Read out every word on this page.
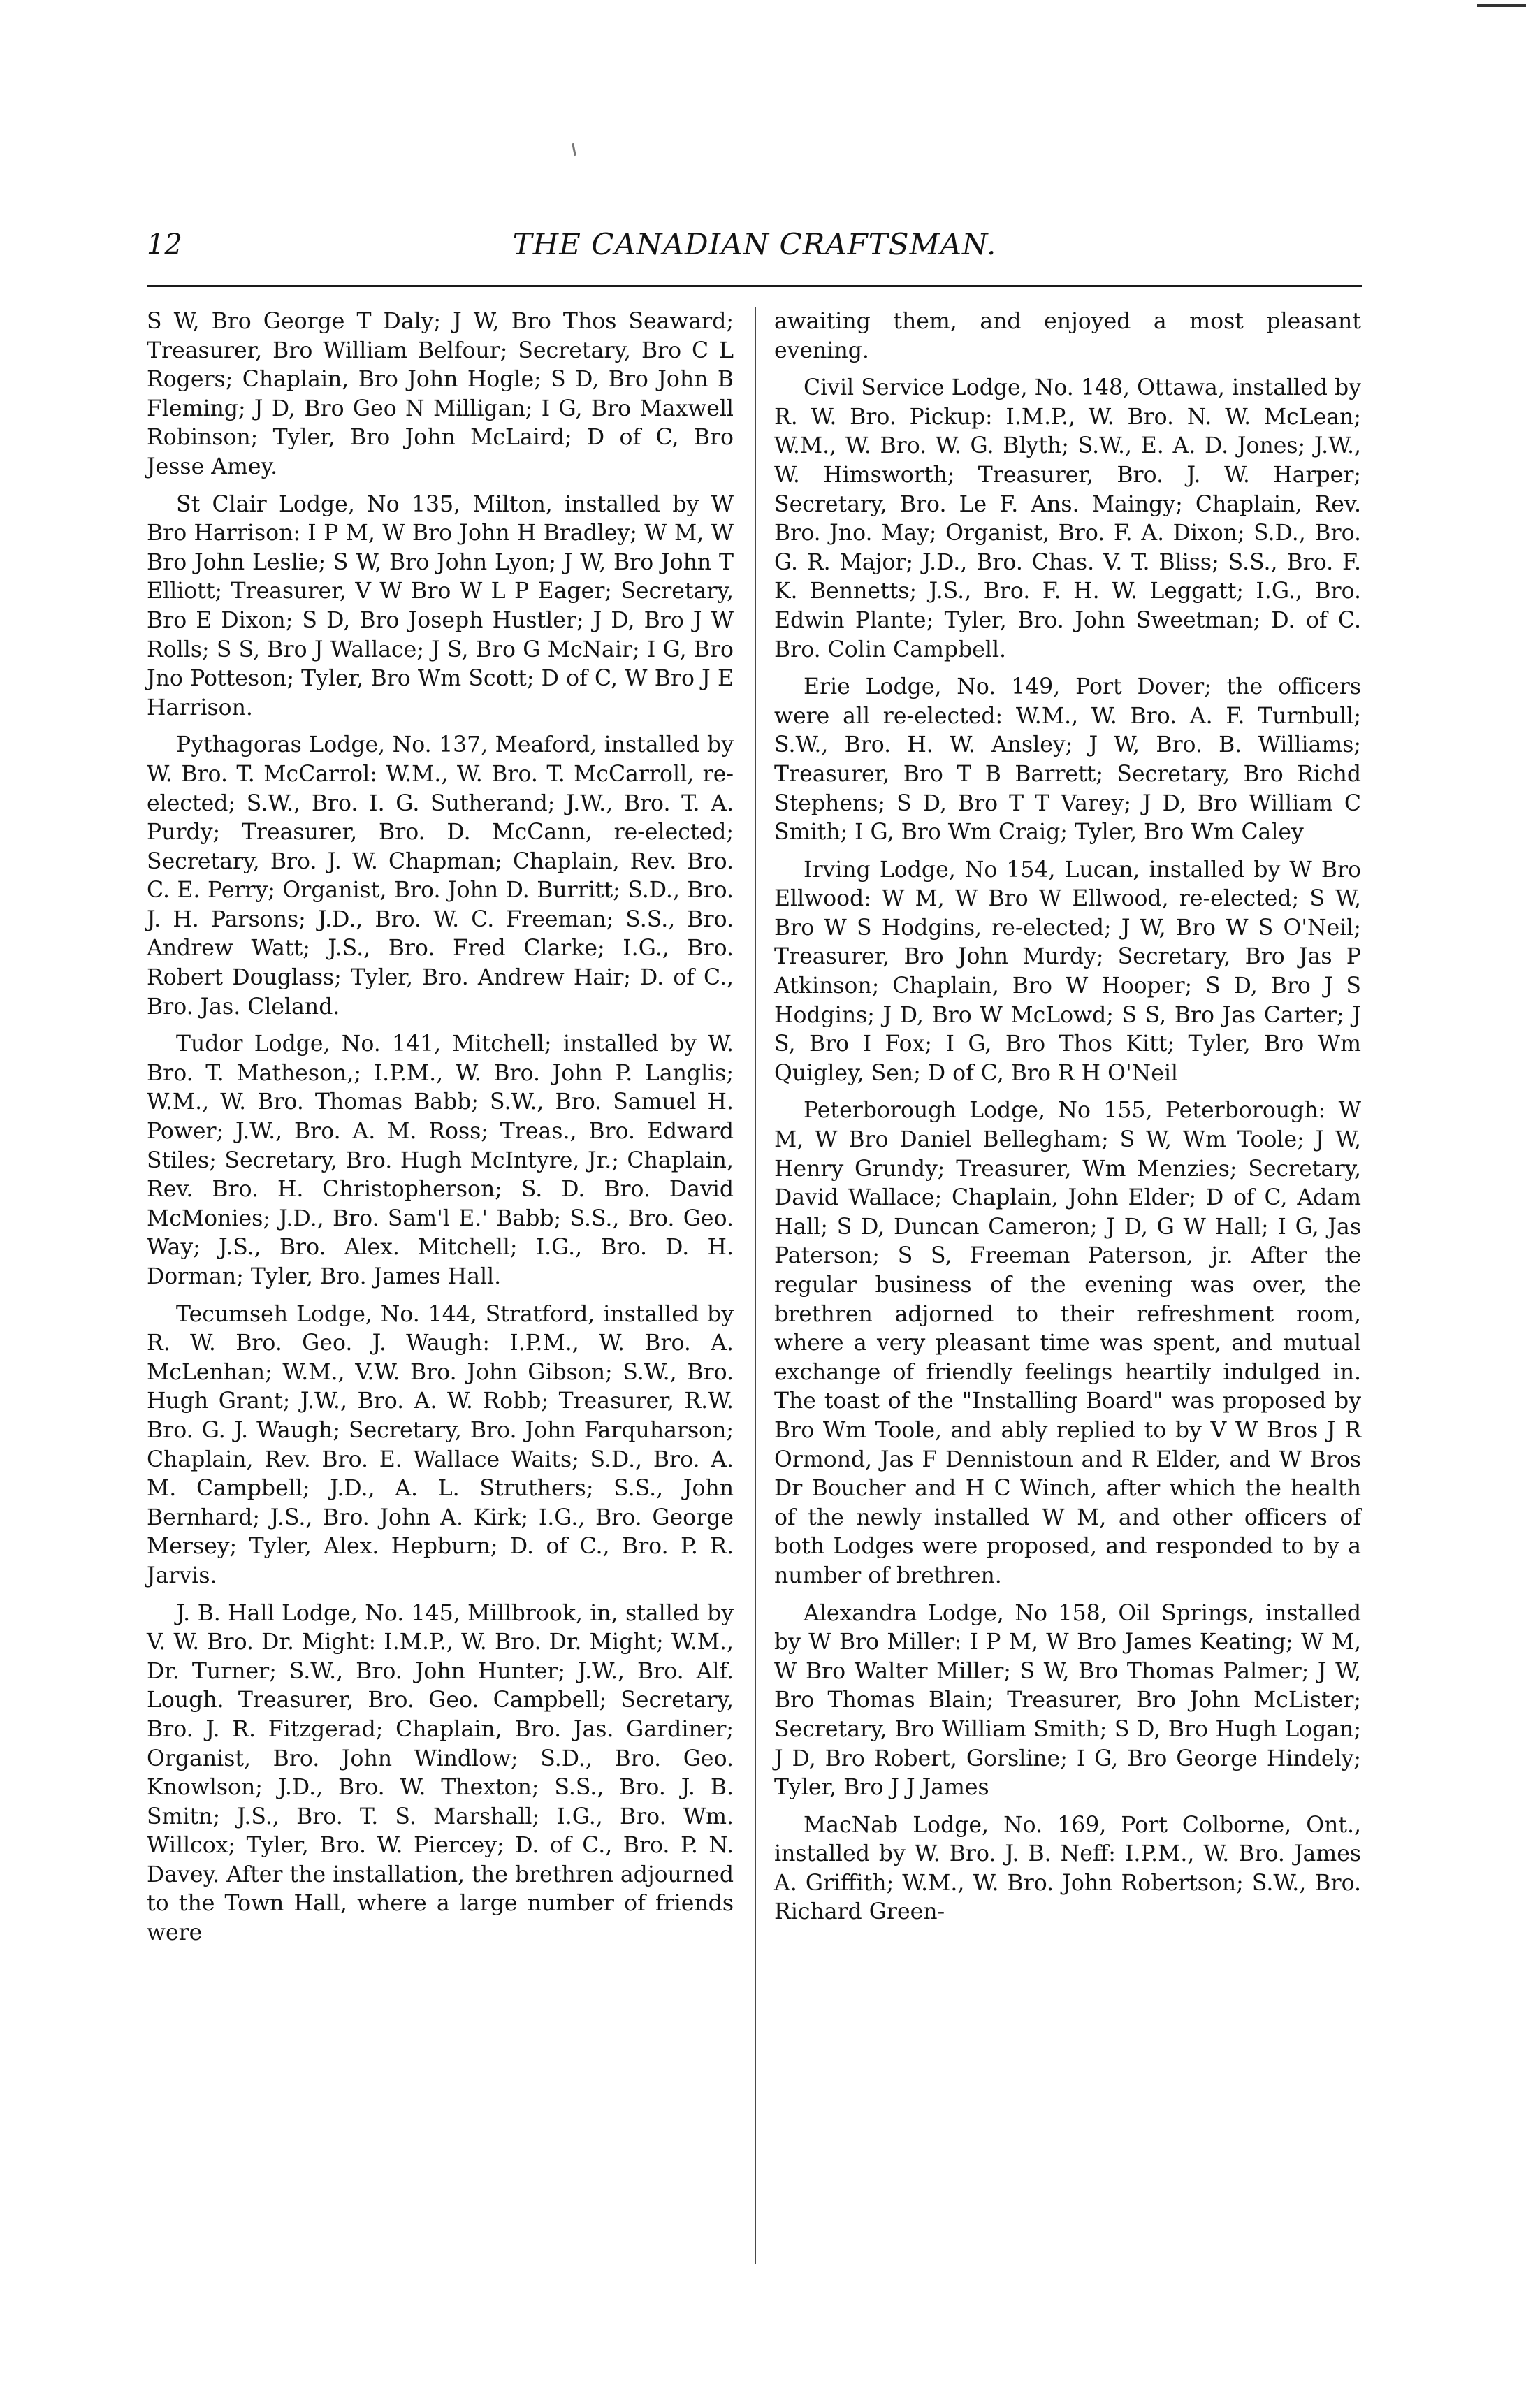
12	THE CANADIAN CRAFTSMAN.

S W, Bro George T Daly; J W, Bro Thos Seaward; Treasurer, Bro William Belfour; Secretary, Bro C L Rogers; Chaplain, Bro John Hogle; S D, Bro John B Fleming; J D, Bro Geo N Milligan; I G, Bro Maxwell Robinson; Tyler, Bro John McLaird; D of C, Bro Jesse Amey.

St Clair Lodge, No 135, Milton, installed by W Bro Harrison: I P M, W Bro John H Bradley; W M, W Bro John Leslie; S W, Bro John Lyon; J W, Bro John T Elliott; Treasurer, V W Bro W L P Eager; Secretary, Bro E Dixon; S D, Bro Joseph Hustler; J D, Bro J W Rolls; S S, Bro J Wallace; J S, Bro G McNair; I G, Bro Jno Potteson; Tyler, Bro Wm Scott; D of C, W Bro J E Harrison.

Pythagoras Lodge, No. 137, Meaford, installed by W. Bro. T. McCarrol: W.M., W. Bro. T. McCarroll, re-elected; S.W., Bro. I. G. Sutherand; J.W., Bro. T. A. Purdy; Treasurer, Bro. D. McCann, re-elected; Secretary, Bro. J. W. Chapman; Chaplain, Rev. Bro. C. E. Perry; Organist, Bro. John D. Burritt; S.D., Bro. J. H. Parsons; J.D., Bro. W. C. Freeman; S.S., Bro. Andrew Watt; J.S., Bro. Fred Clarke; I.G., Bro. Robert Douglass; Tyler, Bro. Andrew Hair; D. of C., Bro. Jas. Cleland.

Tudor Lodge, No. 141, Mitchell; installed by W. Bro. T. Matheson,; I.P.M., W. Bro. John P. Langlis; W.M., W. Bro. Thomas Babb; S.W., Bro. Samuel H. Power; J.W., Bro. A. M. Ross; Treas., Bro. Edward Stiles; Secretary, Bro. Hugh McIntyre, Jr.; Chaplain, Rev. Bro. H. Christopherson; S. D. Bro. David McMonies; J.D., Bro. Sam'l E.' Babb; S.S., Bro. Geo. Way; J.S., Bro. Alex. Mitchell; I.G., Bro. D. H. Dorman; Tyler, Bro. James Hall.

Tecumseh Lodge, No. 144, Stratford, installed by R. W. Bro. Geo. J. Waugh: I.P.M., W. Bro. A. McLenhan; W.M., V.W. Bro. John Gibson; S.W., Bro. Hugh Grant; J.W., Bro. A. W. Robb; Treasurer, R.W. Bro. G. J. Waugh; Secretary, Bro. John Farquharson; Chaplain, Rev. Bro. E. Wallace Waits; S.D., Bro. A. M. Campbell; J.D., A. L. Struthers; S.S., John Bernhard; J.S., Bro. John A. Kirk; I.G., Bro. George Mersey; Tyler, Alex. Hepburn; D. of C., Bro. P. R. Jarvis.

J. B. Hall Lodge, No. 145, Millbrook, in, stalled by V. W. Bro. Dr. Might: I.M.P., W. Bro. Dr. Might; W.M., Dr. Turner; S.W., Bro. John Hunter; J.W., Bro. Alf. Lough. Treasurer, Bro. Geo. Campbell; Secretary, Bro. J. R. Fitzgerad; Chaplain, Bro. Jas. Gardiner; Organist, Bro. John Windlow; S.D., Bro. Geo. Knowlson; J.D., Bro. W. Thexton; S.S., Bro. J. B. Smitn; J.S., Bro. T. S. Marshall; I.G., Bro. Wm. Willcox; Tyler, Bro. W. Piercey; D. of C., Bro. P. N. Davey. After the installation, the brethren adjourned to the Town Hall, where a large number of friends were

awaiting them, and enjoyed a most pleasant evening.

Civil Service Lodge, No. 148, Ottawa, installed by R. W. Bro. Pickup: I.M.P., W. Bro. N. W. McLean; W.M., W. Bro. W. G. Blyth; S.W., E. A. D. Jones; J.W., W. Himsworth; Treasurer, Bro. J. W. Harper; Secretary, Bro. Le F. Ans. Maingy; Chaplain, Rev. Bro. Jno. May; Organist, Bro. F. A. Dixon; S.D., Bro. G. R. Major; J.D., Bro. Chas. V. T. Bliss; S.S., Bro. F. K. Bennetts; J.S., Bro. F. H. W. Leggatt; I.G., Bro. Edwin Plante; Tyler, Bro. John Sweetman; D. of C. Bro. Colin Campbell.

Erie Lodge, No. 149, Port Dover; the officers were all re-elected: W.M., W. Bro. A. F. Turnbull; S.W., Bro. H. W. Ansley; J W, Bro. B. Williams; Treasurer, Bro T B Barrett; Secretary, Bro Richd Stephens; S D, Bro T T Varey; J D, Bro William C Smith; I G, Bro Wm Craig; Tyler, Bro Wm Caley

Irving Lodge, No 154, Lucan, installed by W Bro Ellwood: W M, W Bro W Ellwood, re-elected; S W, Bro W S Hodgins, re-elected; J W, Bro W S O'Neil; Treasurer, Bro John Murdy; Secretary, Bro Jas P Atkinson; Chaplain, Bro W Hooper; S D, Bro J S Hodgins; J D, Bro W McLowd; S S, Bro Jas Carter; J S, Bro I Fox; I G, Bro Thos Kitt; Tyler, Bro Wm Quigley, Sen; D of C, Bro R H O'Neil

Peterborough Lodge, No 155, Peterborough: W M, W Bro Daniel Bellegham; S W, Wm Toole; J W, Henry Grundy; Treasurer, Wm Menzies; Secretary, David Wallace; Chaplain, John Elder; D of C, Adam Hall; S D, Duncan Cameron; J D, G W Hall; I G, Jas Paterson; S S, Freeman Paterson, jr. After the regular business of the evening was over, the brethren adjorned to their refreshment room, where a very pleasant time was spent, and mutual exchange of friendly feelings heartily indulged in. The toast of the "Installing Board" was proposed by Bro Wm Toole, and ably replied to by V W Bros J R Ormond, Jas F Dennistoun and R Elder, and W Bros Dr Boucher and H C Winch, after which the health of the newly installed W M, and other officers of both Lodges were proposed, and responded to by a number of brethren.

Alexandra Lodge, No 158, Oil Springs, installed by W Bro Miller: I P M, W Bro James Keating; W M, W Bro Walter Miller; S W, Bro Thomas Palmer; J W, Bro Thomas Blain; Treasurer, Bro John McLister; Secretary, Bro William Smith; S D, Bro Hugh Logan; J D, Bro Robert, Gorsline; I G, Bro George Hindely; Tyler, Bro J J James

MacNab Lodge, No. 169, Port Colborne, Ont., installed by W. Bro. J. B. Neff: I.P.M., W. Bro. James A. Griffith; W.M., W. Bro. John Robertson; S.W., Bro. Richard Green-
